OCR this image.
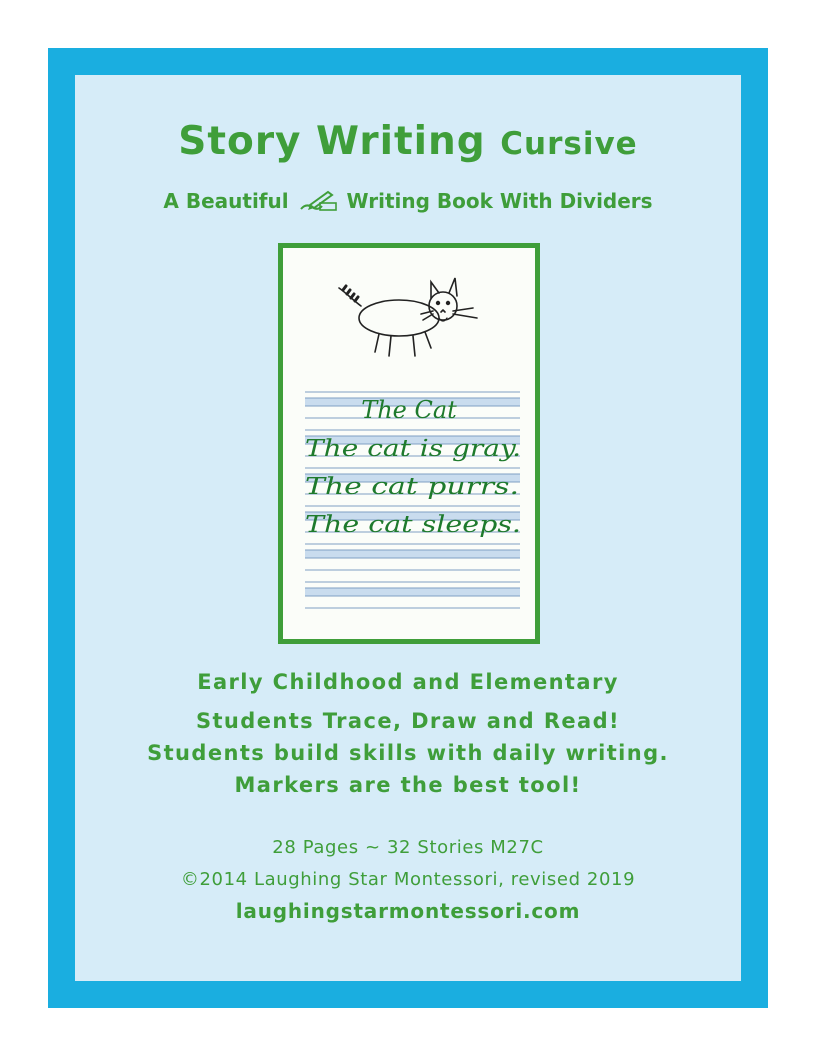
Story Writing Cursive
A Beautiful	Writing Book With Dividers
The Cat
The cat is gray.
The cat purrs.
The cat sleeps.
Early Childhood and Elementary
Students Trace, Draw and Read!
Students build skills with daily writing.
Markers are the best tool!
28 Pages ~ 32 Stories M27C
©2014 Laughing Star Montessori, revised 2019
laughingstarmontessori.com
